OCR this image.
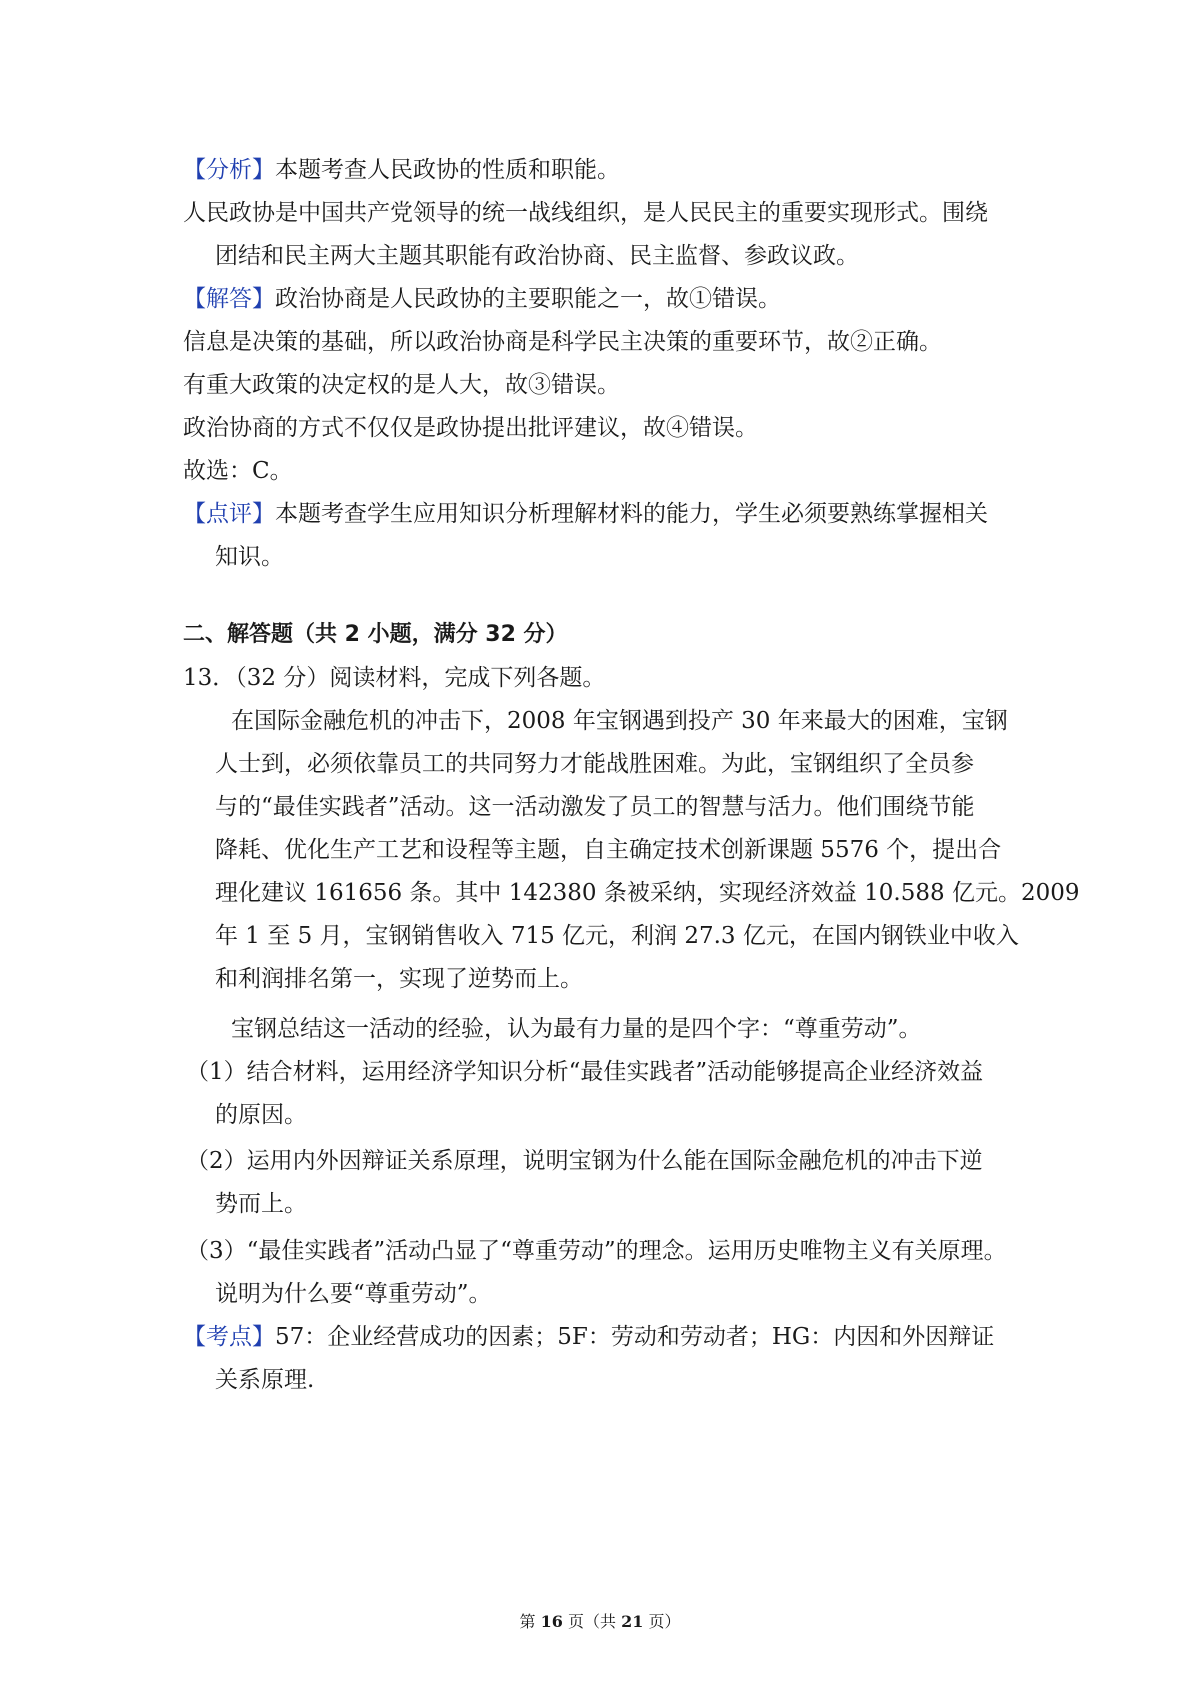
【分析】本题考查人民政协的性质和职能。
人民政协是中国共产党领导的统一战线组织，是人民民主的重要实现形式。围绕
团结和民主两大主题其职能有政治协商、民主监督、参政议政。
【解答】政治协商是人民政协的主要职能之一，故①错误。
信息是决策的基础，所以政治协商是科学民主决策的重要环节，故②正确。
有重大政策的决定权的是人大，故③错误。
政治协商的方式不仅仅是政协提出批评建议，故④错误。
故选：C。
【点评】本题考查学生应用知识分析理解材料的能力，学生必须要熟练掌握相关
知识。
二、解答题（共 2 小题，满分 32 分）
13．（32 分）阅读材料，完成下列各题。
在国际金融危机的冲击下，2008 年宝钢遇到投产 30 年来最大的困难，宝钢
人士到，必须依靠员工的共同努力才能战胜困难。为此，宝钢组织了全员参
与的“最佳实践者”活动。这一活动激发了员工的智慧与活力。他们围绕节能
降耗、优化生产工艺和设程等主题，自主确定技术创新课题 5576 个，提出合
理化建议 161656 条。其中 142380 条被采纳，实现经济效益 10.588 亿元。2009
年 1 至 5 月，宝钢销售收入 715 亿元，利润 27.3 亿元，在国内钢铁业中收入
和利润排名第一，实现了逆势而上。
宝钢总结这一活动的经验，认为最有力量的是四个字：“尊重劳动”。
（1）结合材料，运用经济学知识分析“最佳实践者”活动能够提高企业经济效益
的原因。
（2）运用内外因辩证关系原理，说明宝钢为什么能在国际金融危机的冲击下逆
势而上。
（3）“最佳实践者”活动凸显了“尊重劳动”的理念。运用历史唯物主义有关原理。
说明为什么要“尊重劳动”。
【考点】57：企业经营成功的因素；5F：劳动和劳动者；HG：内因和外因辩证
关系原理.
第 16 页（共 21 页）
